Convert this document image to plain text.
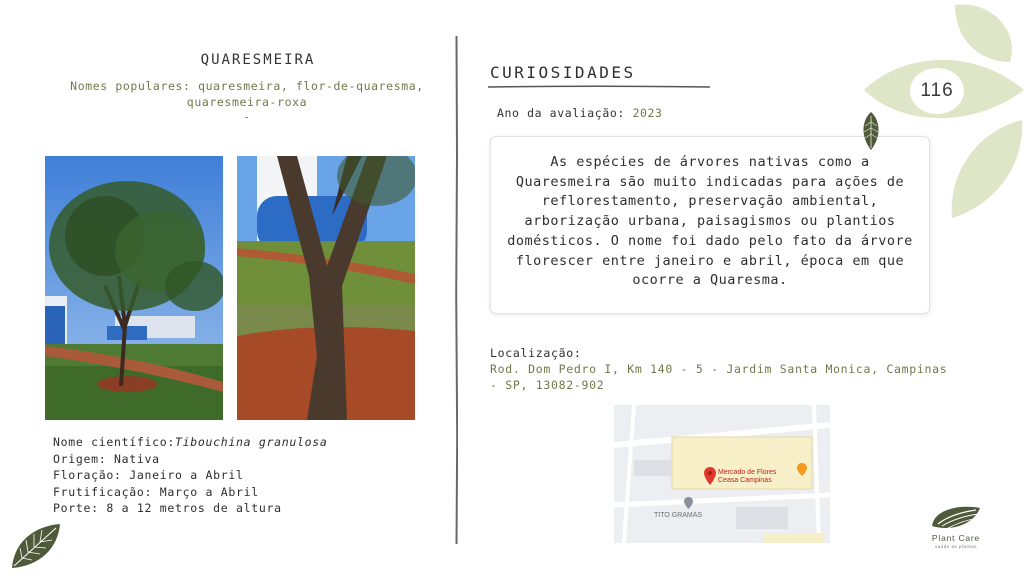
QUARESMEIRA
Nomes populares: quaresmeira, flor-de-quaresma, quaresmeira-roxa
Nome científico:Tibouchina granulosa
Origem: Nativa
Floração: Janeiro a Abril
Frutificação: Março a Abril
Porte: 8 a 12 metros de altura
CURIOSIDADES
Ano da avaliação: 2023
As espécies de árvores nativas como a Quaresmeira são muito indicadas para ações de reflorestamento, preservação ambiental, arborização urbana, paisagismos ou plantios domésticos. O nome foi dado pelo fato da árvore florescer entre janeiro e abril, época em que ocorre a Quaresma.
Localização:
Rod. Dom Pedro I, Km 140 - 5 - Jardim Santa Monica, Campinas - SP, 13082-902
Mercado de Flores
Ceasa Campinas
TITO GRAMAS
116
Plant Care
saúde as plantas
